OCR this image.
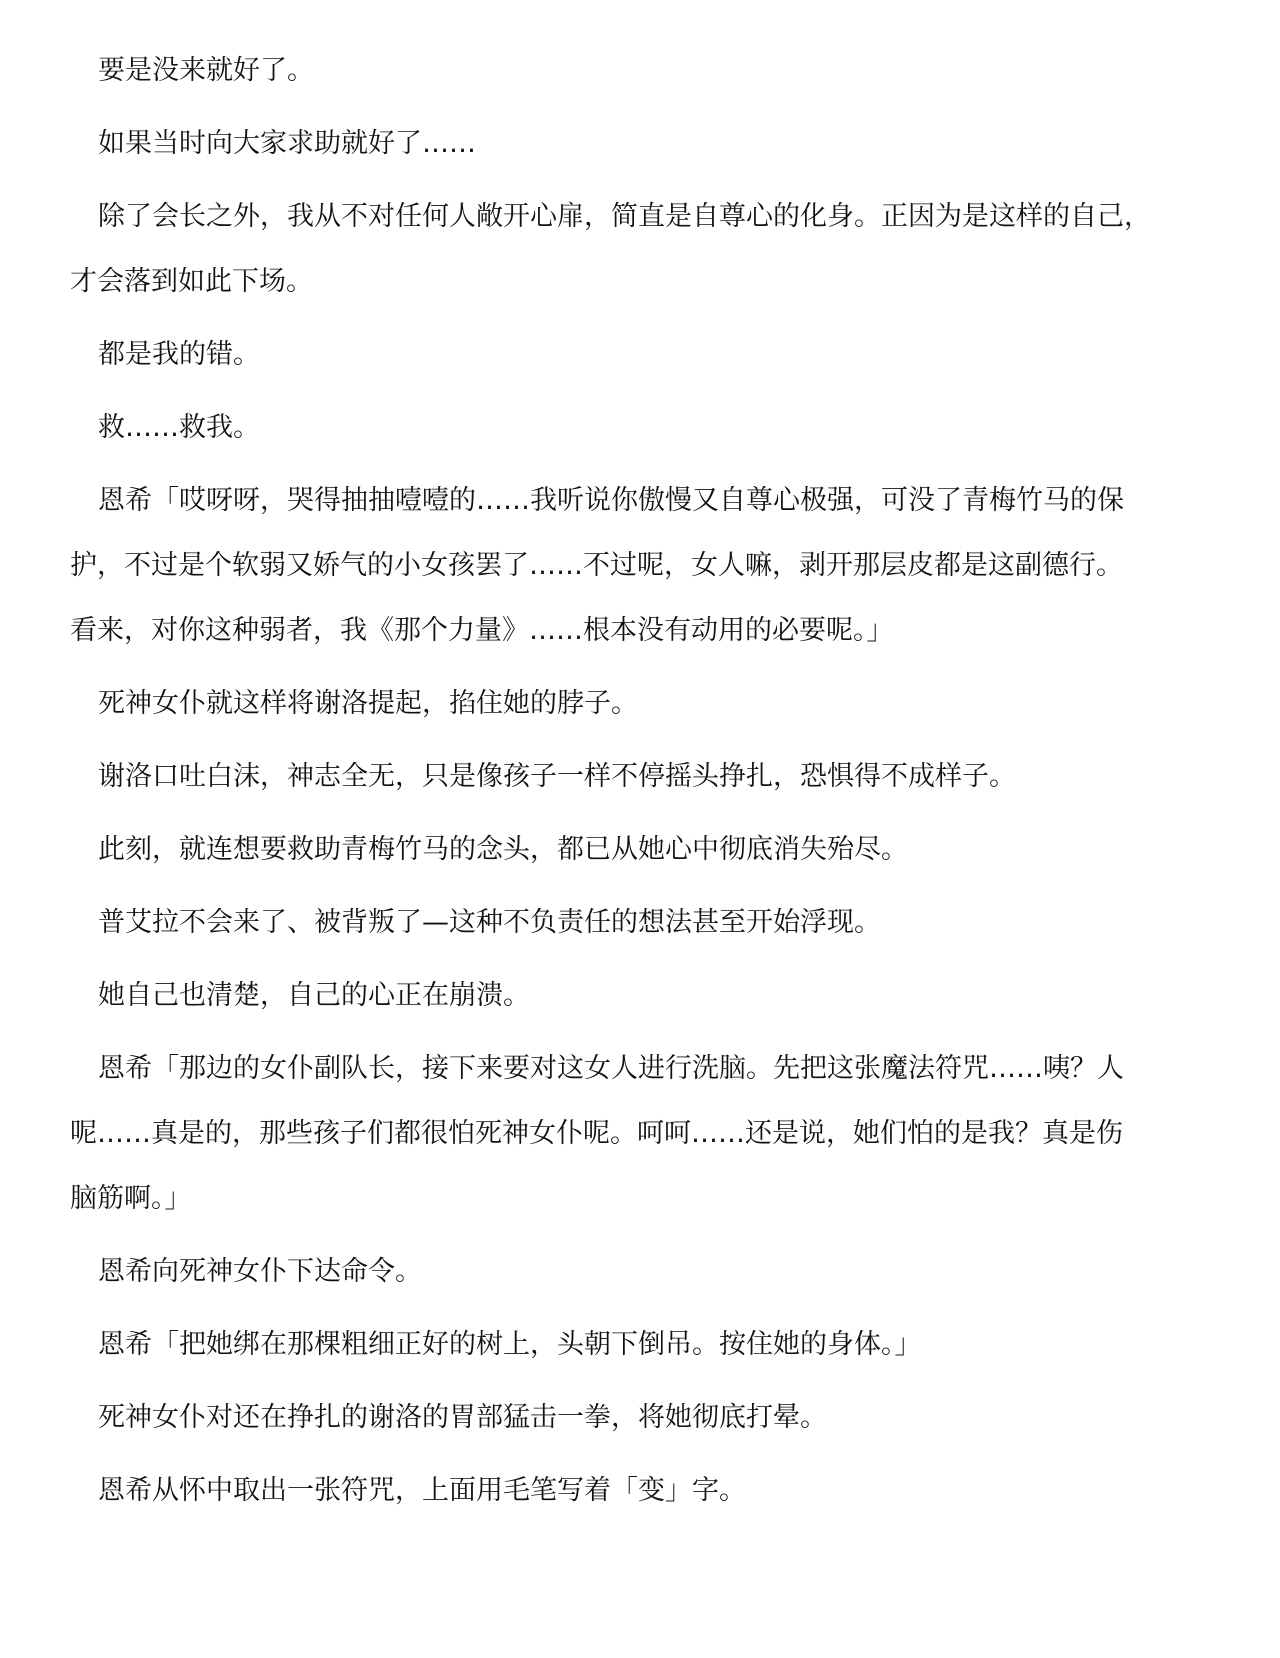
要是没来就好了。

如果当时向大家求助就好了……

除了会长之外，我从不对任何人敞开心扉，简直是自尊心的化身。正因为是这样的自己，
才会落到如此下场。

都是我的错。

救……救我。

恩希「哎呀呀，哭得抽抽噎噎的……我听说你傲慢又自尊心极强，可没了青梅竹马的保
护，不过是个软弱又娇气的小女孩罢了……不过呢，女人嘛，剥开那层皮都是这副德行。
看来，对你这种弱者，我《那个力量》……根本没有动用的必要呢。」

死神女仆就这样将谢洛提起，掐住她的脖子。

谢洛口吐白沫，神志全无，只是像孩子一样不停摇头挣扎，恐惧得不成样子。

此刻，就连想要救助青梅竹马的念头，都已从她心中彻底消失殆尽。

普艾拉不会来了、被背叛了—这种不负责任的想法甚至开始浮现。

她自己也清楚，自己的心正在崩溃。

恩希「那边的女仆副队长，接下来要对这女人进行洗脑。先把这张魔法符咒……咦？人
呢……真是的，那些孩子们都很怕死神女仆呢。呵呵……还是说，她们怕的是我？真是伤
脑筋啊。」

恩希向死神女仆下达命令。

恩希「把她绑在那棵粗细正好的树上，头朝下倒吊。按住她的身体。」

死神女仆对还在挣扎的谢洛的胃部猛击一拳，将她彻底打晕。

恩希从怀中取出一张符咒，上面用毛笔写着「变」字。
